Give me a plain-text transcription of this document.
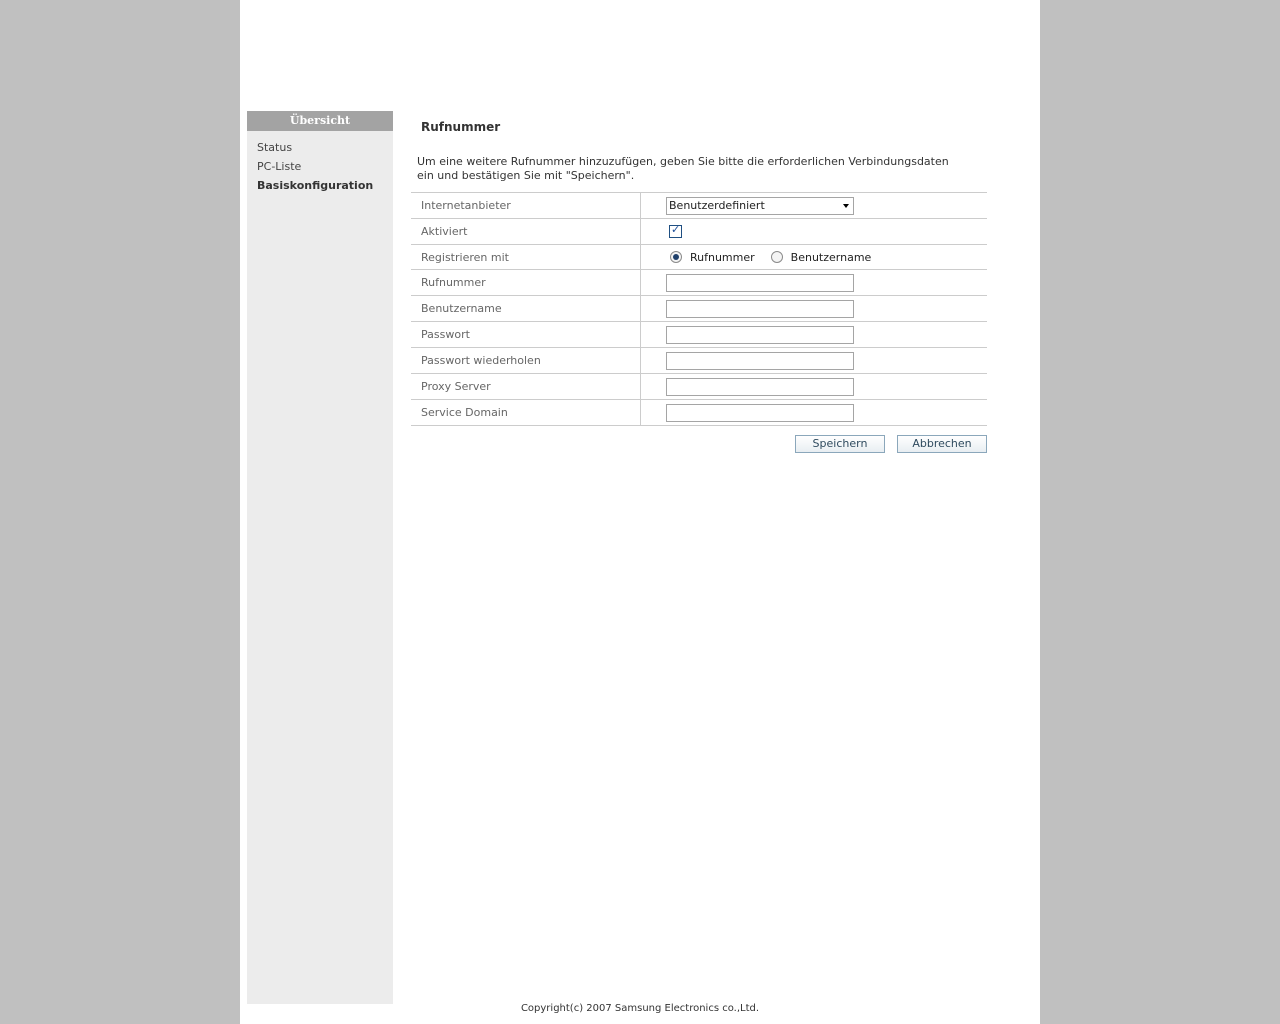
Übersicht
Status
PC-Liste
Basiskonfiguration
Rufnummer
Um eine weitere Rufnummer hinzuzufügen, geben Sie bitte die erforderlichen Verbindungsdaten
ein und bestätigen Sie mit "Speichern".
Internetanbieter	Benutzerdefiniert

Aktiviert	✓

Registrieren mit	Rufnummer Benutzername

Rufnummer	
Benutzername	
Passwort	
Passwort wiederholen	
Proxy Server	
Service Domain	
Speichern	Abbrechen
Copyright(c) 2007 Samsung Electronics co.,Ltd.
